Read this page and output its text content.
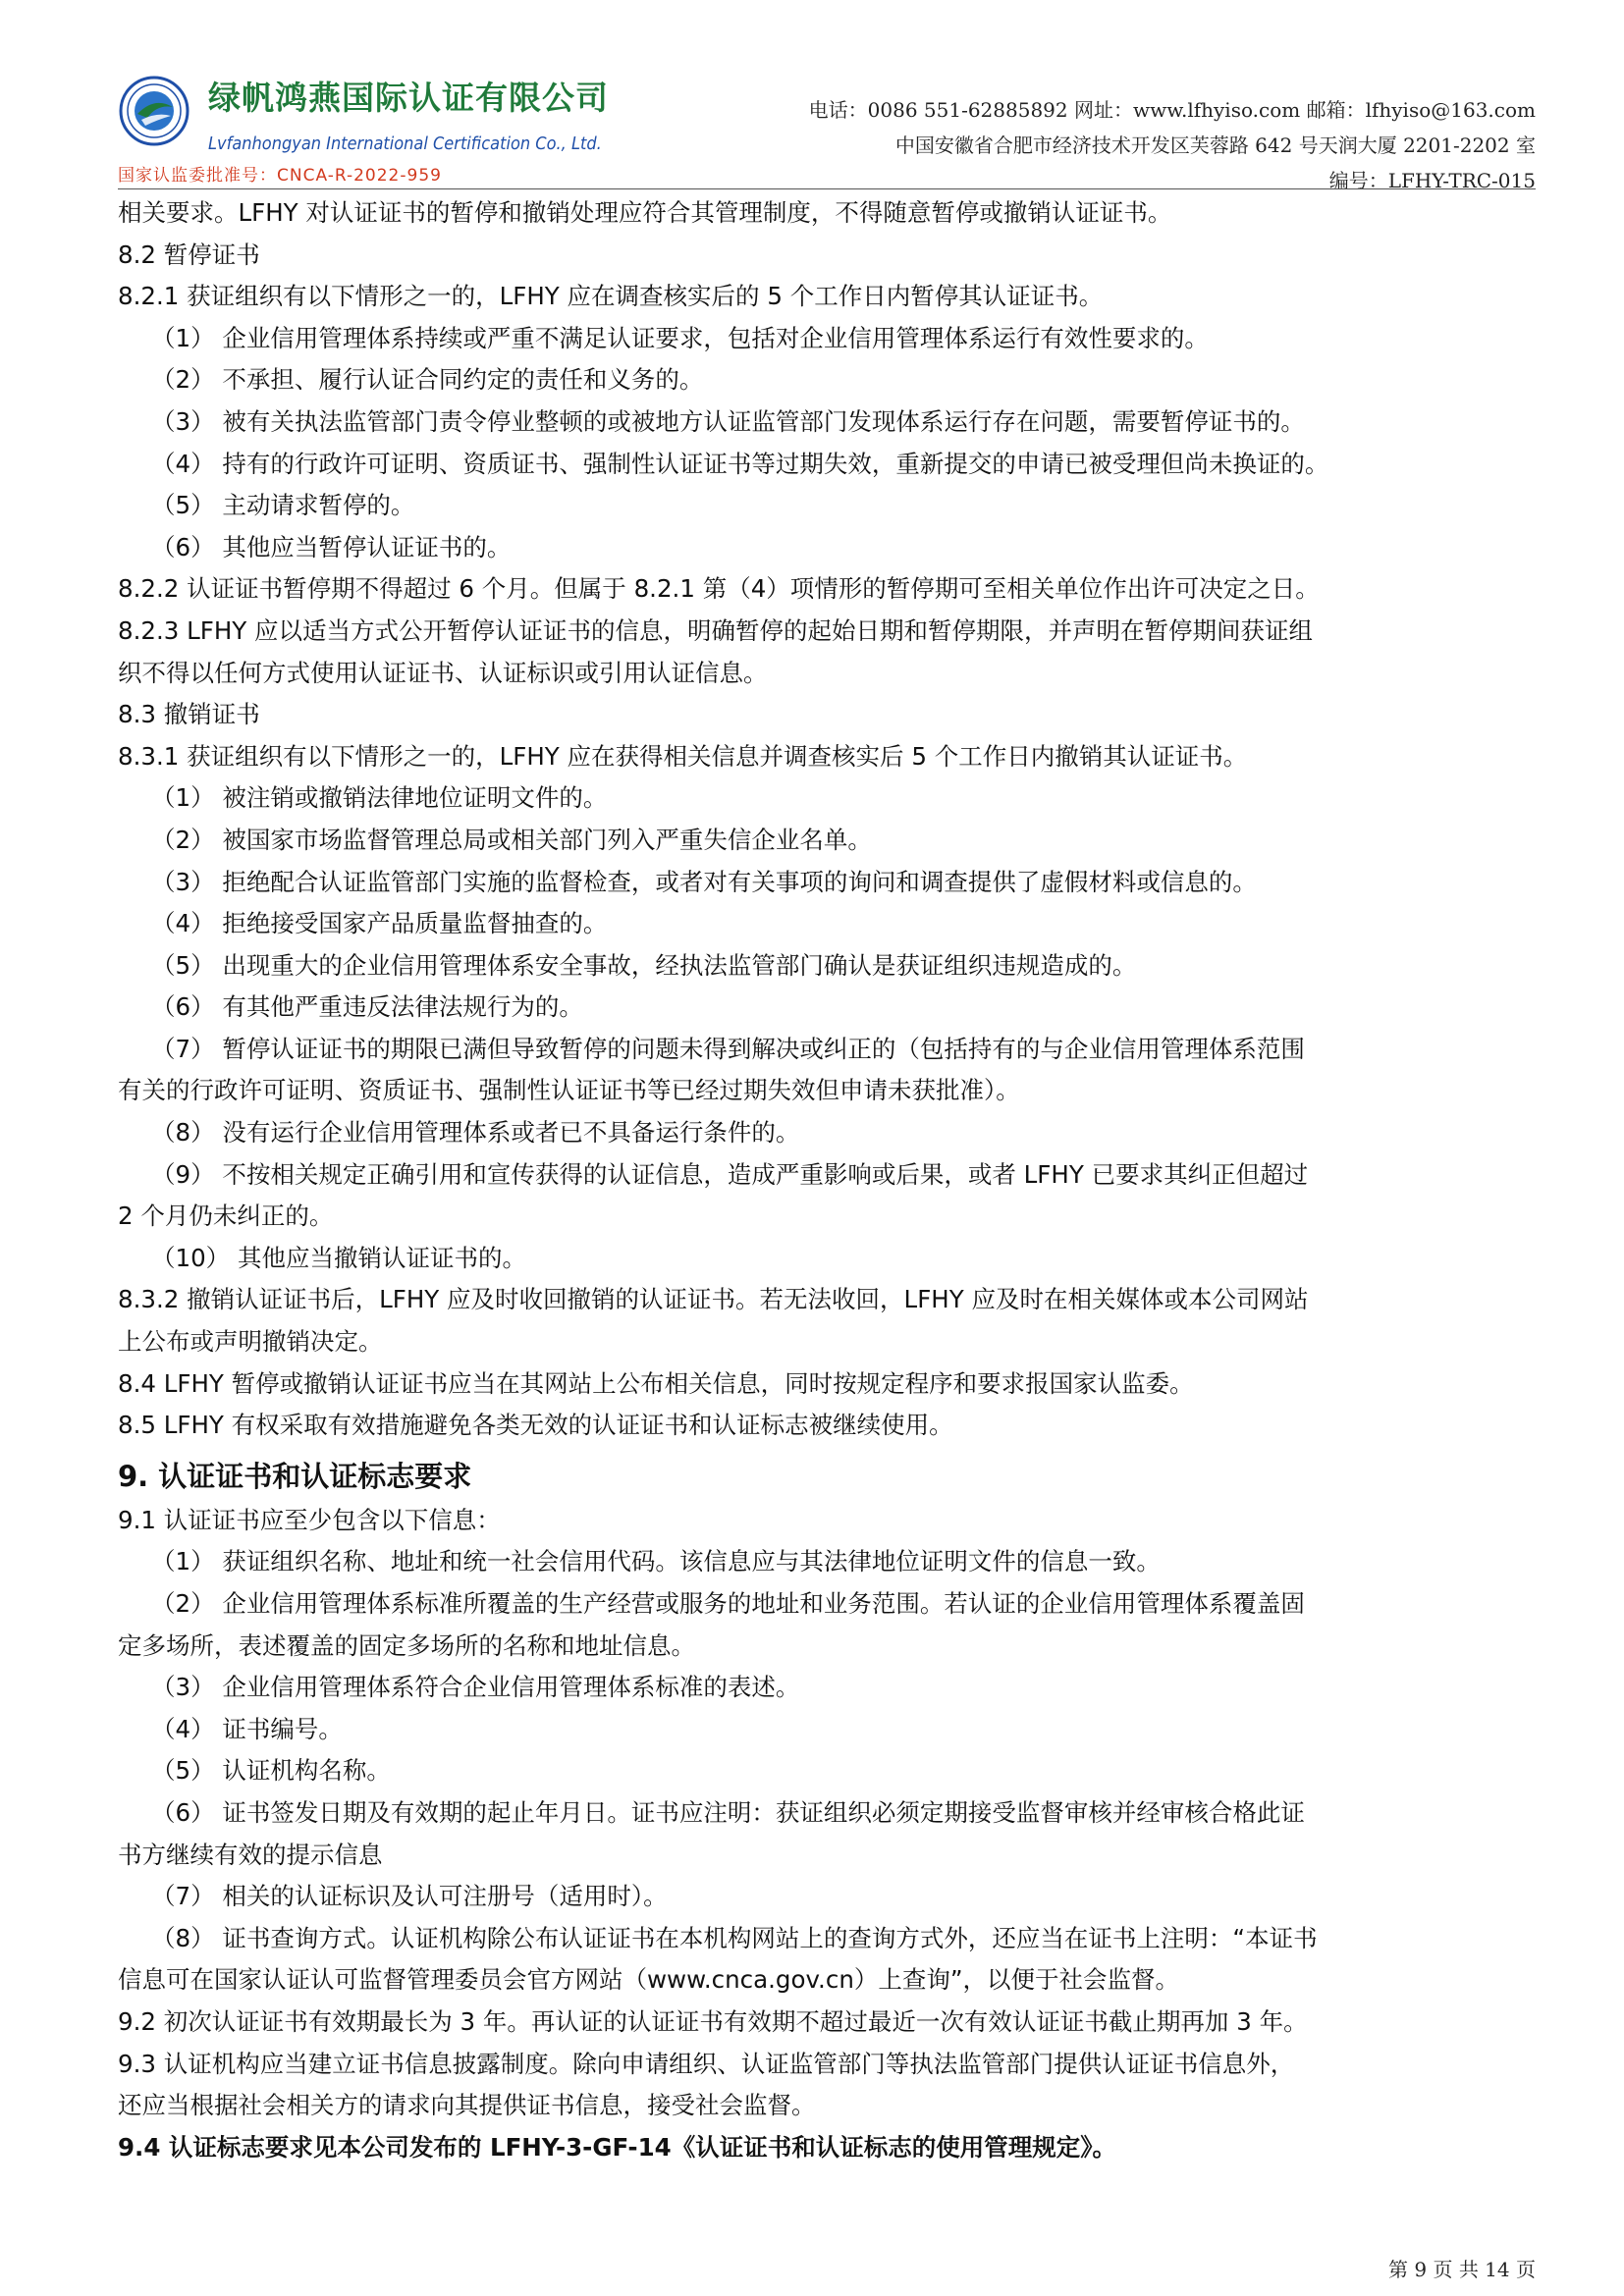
绿帆鸿燕国际认证有限公司
Lvfanhongyan International Certification Co., Ltd.
国家认监委批准号：CNCA-R-2022-959
电话：0086 551-62885892 网址：www.lfhyiso.com 邮箱：lfhyiso@163.com
中国安徽省合肥市经济技术开发区芙蓉路 642 号天润大厦 2201-2202 室
编号：LFHY-TRC-015
相关要求。LFHY 对认证证书的暂停和撤销处理应符合其管理制度，不得随意暂停或撤销认证证书。
8.2 暂停证书
8.2.1 获证组织有以下情形之一的，LFHY 应在调查核实后的 5 个工作日内暂停其认证证书。
（1） 企业信用管理体系持续或严重不满足认证要求，包括对企业信用管理体系运行有效性要求的。
（2） 不承担、履行认证合同约定的责任和义务的。
（3） 被有关执法监管部门责令停业整顿的或被地方认证监管部门发现体系运行存在问题，需要暂停证书的。
（4） 持有的行政许可证明、资质证书、强制性认证证书等过期失效，重新提交的申请已被受理但尚未换证的。
（5） 主动请求暂停的。
（6） 其他应当暂停认证证书的。
8.2.2 认证证书暂停期不得超过 6 个月。但属于 8.2.1 第（4）项情形的暂停期可至相关单位作出许可决定之日。
8.2.3 LFHY 应以适当方式公开暂停认证证书的信息，明确暂停的起始日期和暂停期限，并声明在暂停期间获证组
织不得以任何方式使用认证证书、认证标识或引用认证信息。
8.3 撤销证书
8.3.1 获证组织有以下情形之一的，LFHY 应在获得相关信息并调查核实后 5 个工作日内撤销其认证证书。
（1） 被注销或撤销法律地位证明文件的。
（2） 被国家市场监督管理总局或相关部门列入严重失信企业名单。
（3） 拒绝配合认证监管部门实施的监督检查，或者对有关事项的询问和调查提供了虚假材料或信息的。
（4） 拒绝接受国家产品质量监督抽查的。
（5） 出现重大的企业信用管理体系安全事故，经执法监管部门确认是获证组织违规造成的。
（6） 有其他严重违反法律法规行为的。
（7） 暂停认证证书的期限已满但导致暂停的问题未得到解决或纠正的（包括持有的与企业信用管理体系范围
有关的行政许可证明、资质证书、强制性认证证书等已经过期失效但申请未获批准）。
（8） 没有运行企业信用管理体系或者已不具备运行条件的。
（9） 不按相关规定正确引用和宣传获得的认证信息，造成严重影响或后果，或者 LFHY 已要求其纠正但超过
2 个月仍未纠正的。
（10） 其他应当撤销认证证书的。
8.3.2 撤销认证证书后，LFHY 应及时收回撤销的认证证书。若无法收回，LFHY 应及时在相关媒体或本公司网站
上公布或声明撤销决定。
8.4 LFHY 暂停或撤销认证证书应当在其网站上公布相关信息，同时按规定程序和要求报国家认监委。
8.5 LFHY 有权采取有效措施避免各类无效的认证证书和认证标志被继续使用。
9. 认证证书和认证标志要求
9.1 认证证书应至少包含以下信息：
（1） 获证组织名称、地址和统一社会信用代码。该信息应与其法律地位证明文件的信息一致。
（2） 企业信用管理体系标准所覆盖的生产经营或服务的地址和业务范围。若认证的企业信用管理体系覆盖固
定多场所，表述覆盖的固定多场所的名称和地址信息。
（3） 企业信用管理体系符合企业信用管理体系标准的表述。
（4） 证书编号。
（5） 认证机构名称。
（6） 证书签发日期及有效期的起止年月日。证书应注明：获证组织必须定期接受监督审核并经审核合格此证
书方继续有效的提示信息
（7） 相关的认证标识及认可注册号（适用时）。
（8） 证书查询方式。认证机构除公布认证证书在本机构网站上的查询方式外，还应当在证书上注明：“本证书
信息可在国家认证认可监督管理委员会官方网站（www.cnca.gov.cn）上查询”，以便于社会监督。
9.2 初次认证证书有效期最长为 3 年。再认证的认证证书有效期不超过最近一次有效认证证书截止期再加 3 年。
9.3 认证机构应当建立证书信息披露制度。除向申请组织、认证监管部门等执法监管部门提供认证证书信息外，
还应当根据社会相关方的请求向其提供证书信息，接受社会监督。
9.4 认证标志要求见本公司发布的 LFHY-3-GF-14《认证证书和认证标志的使用管理规定》。
第 9 页 共 14 页
